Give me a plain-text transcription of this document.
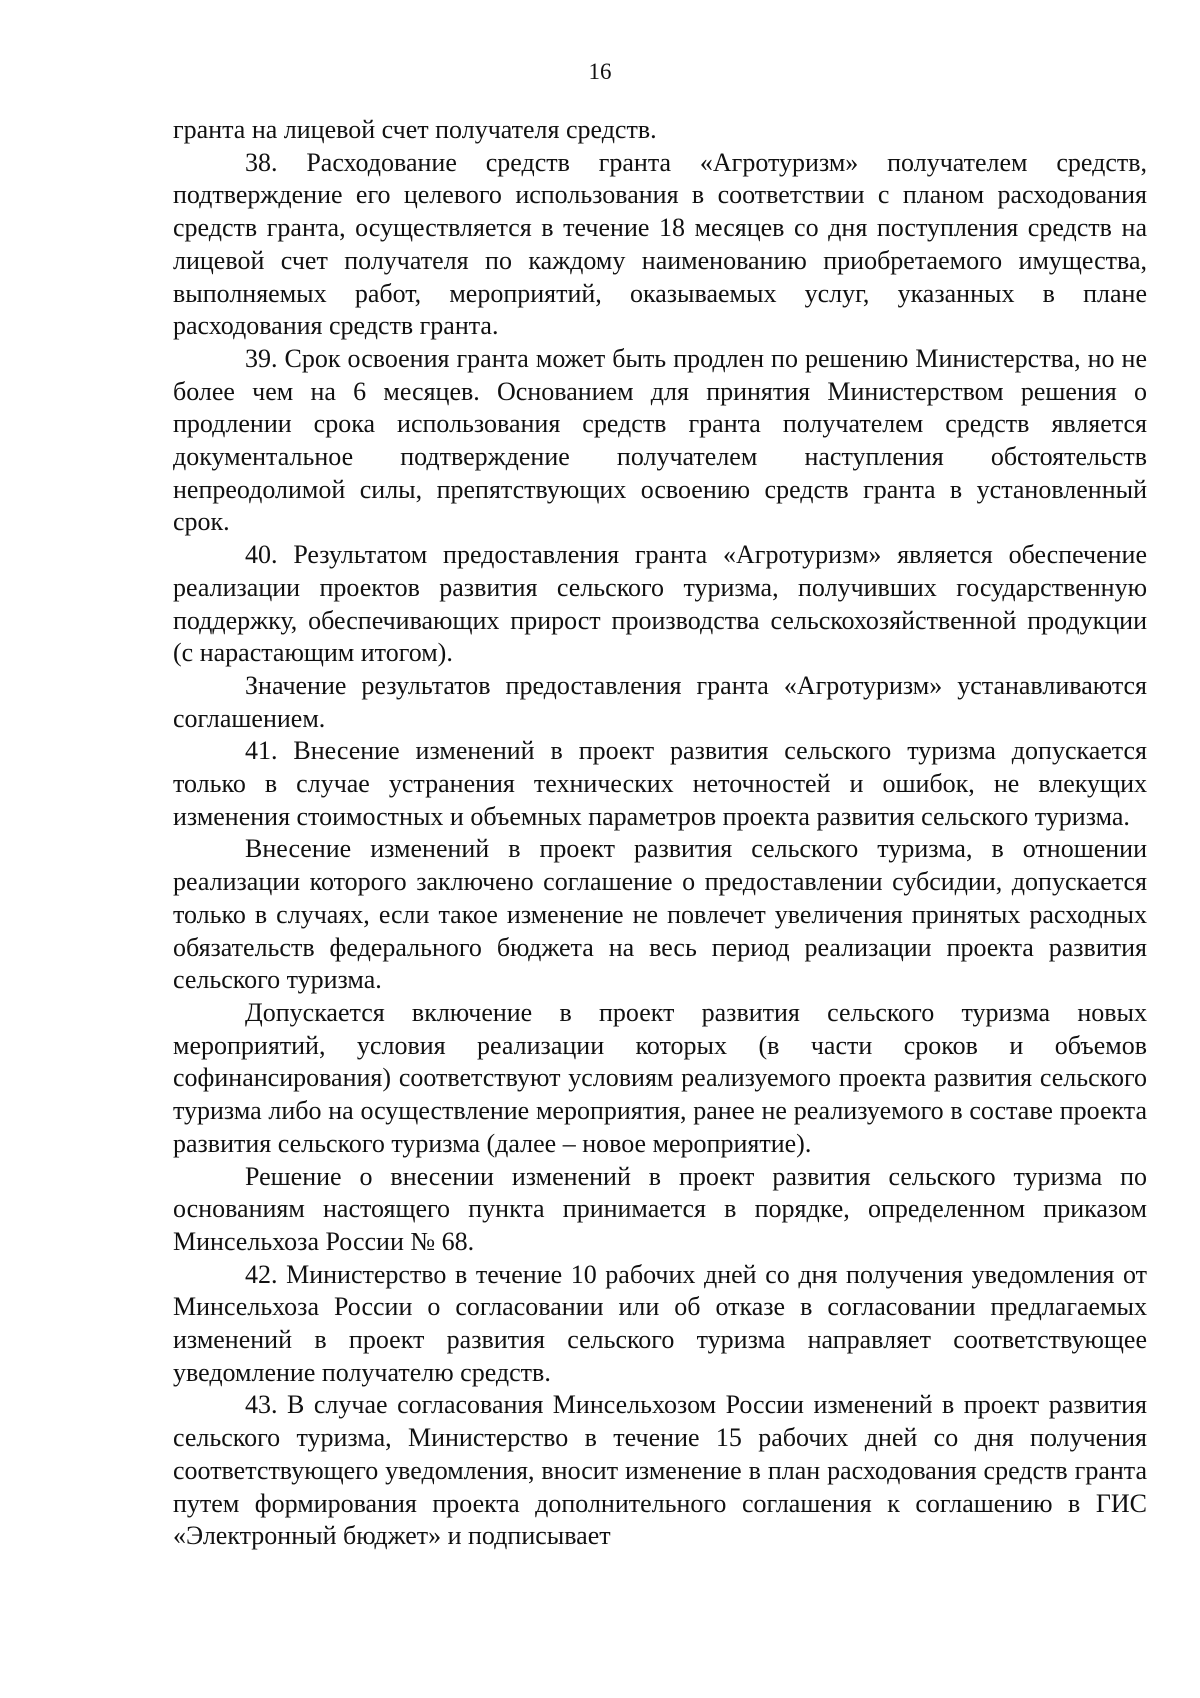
16

гранта на лицевой счет получателя средств.

38. Расходование средств гранта «Агротуризм» получателем средств, подтверждение его целевого использования в соответствии с планом расходования средств гранта, осуществляется в течение 18 месяцев со дня поступления средств на лицевой счет получателя по каждому наименованию приобретаемого имущества, выполняемых работ, мероприятий, оказываемых услуг, указанных в плане расходования средств гранта.

39. Срок освоения гранта может быть продлен по решению Министерства, но не более чем на 6 месяцев. Основанием для принятия Министерством решения о продлении срока использования средств гранта получателем средств является документальное подтверждение получателем наступления обстоятельств непреодолимой силы, препятствующих освоению средств гранта в установленный срок.

40. Результатом предоставления гранта «Агротуризм» является обеспечение реализации проектов развития сельского туризма, получивших государственную поддержку, обеспечивающих прирост производства сельскохозяйственной продукции (с нарастающим итогом).

Значение результатов предоставления гранта «Агротуризм» устанавливаются соглашением.

41. Внесение изменений в проект развития сельского туризма допускается только в случае устранения технических неточностей и ошибок, не влекущих изменения стоимостных и объемных параметров проекта развития сельского туризма.

Внесение изменений в проект развития сельского туризма, в отношении реализации которого заключено соглашение о предоставлении субсидии, допускается только в случаях, если такое изменение не повлечет увеличения принятых расходных обязательств федерального бюджета на весь период реализации проекта развития сельского туризма.

Допускается включение в проект развития сельского туризма новых мероприятий, условия реализации которых (в части сроков и объемов софинансирования) соответствуют условиям реализуемого проекта развития сельского туризма либо на осуществление мероприятия, ранее не реализуемого в составе проекта развития сельского туризма (далее – новое мероприятие).

Решение о внесении изменений в проект развития сельского туризма по основаниям настоящего пункта принимается в порядке, определенном приказом Минсельхоза России № 68.

42. Министерство в течение 10 рабочих дней со дня получения уведомления от Минсельхоза России о согласовании или об отказе в согласовании предлагаемых изменений в проект развития сельского туризма направляет соответствующее уведомление получателю средств.

43. В случае согласования Минсельхозом России изменений в проект развития сельского туризма, Министерство в течение 15 рабочих дней со дня получения соответствующего уведомления, вносит изменение в план расходования средств гранта путем формирования проекта дополнительного соглашения к соглашению в ГИС «Электронный бюджет» и подписывает
